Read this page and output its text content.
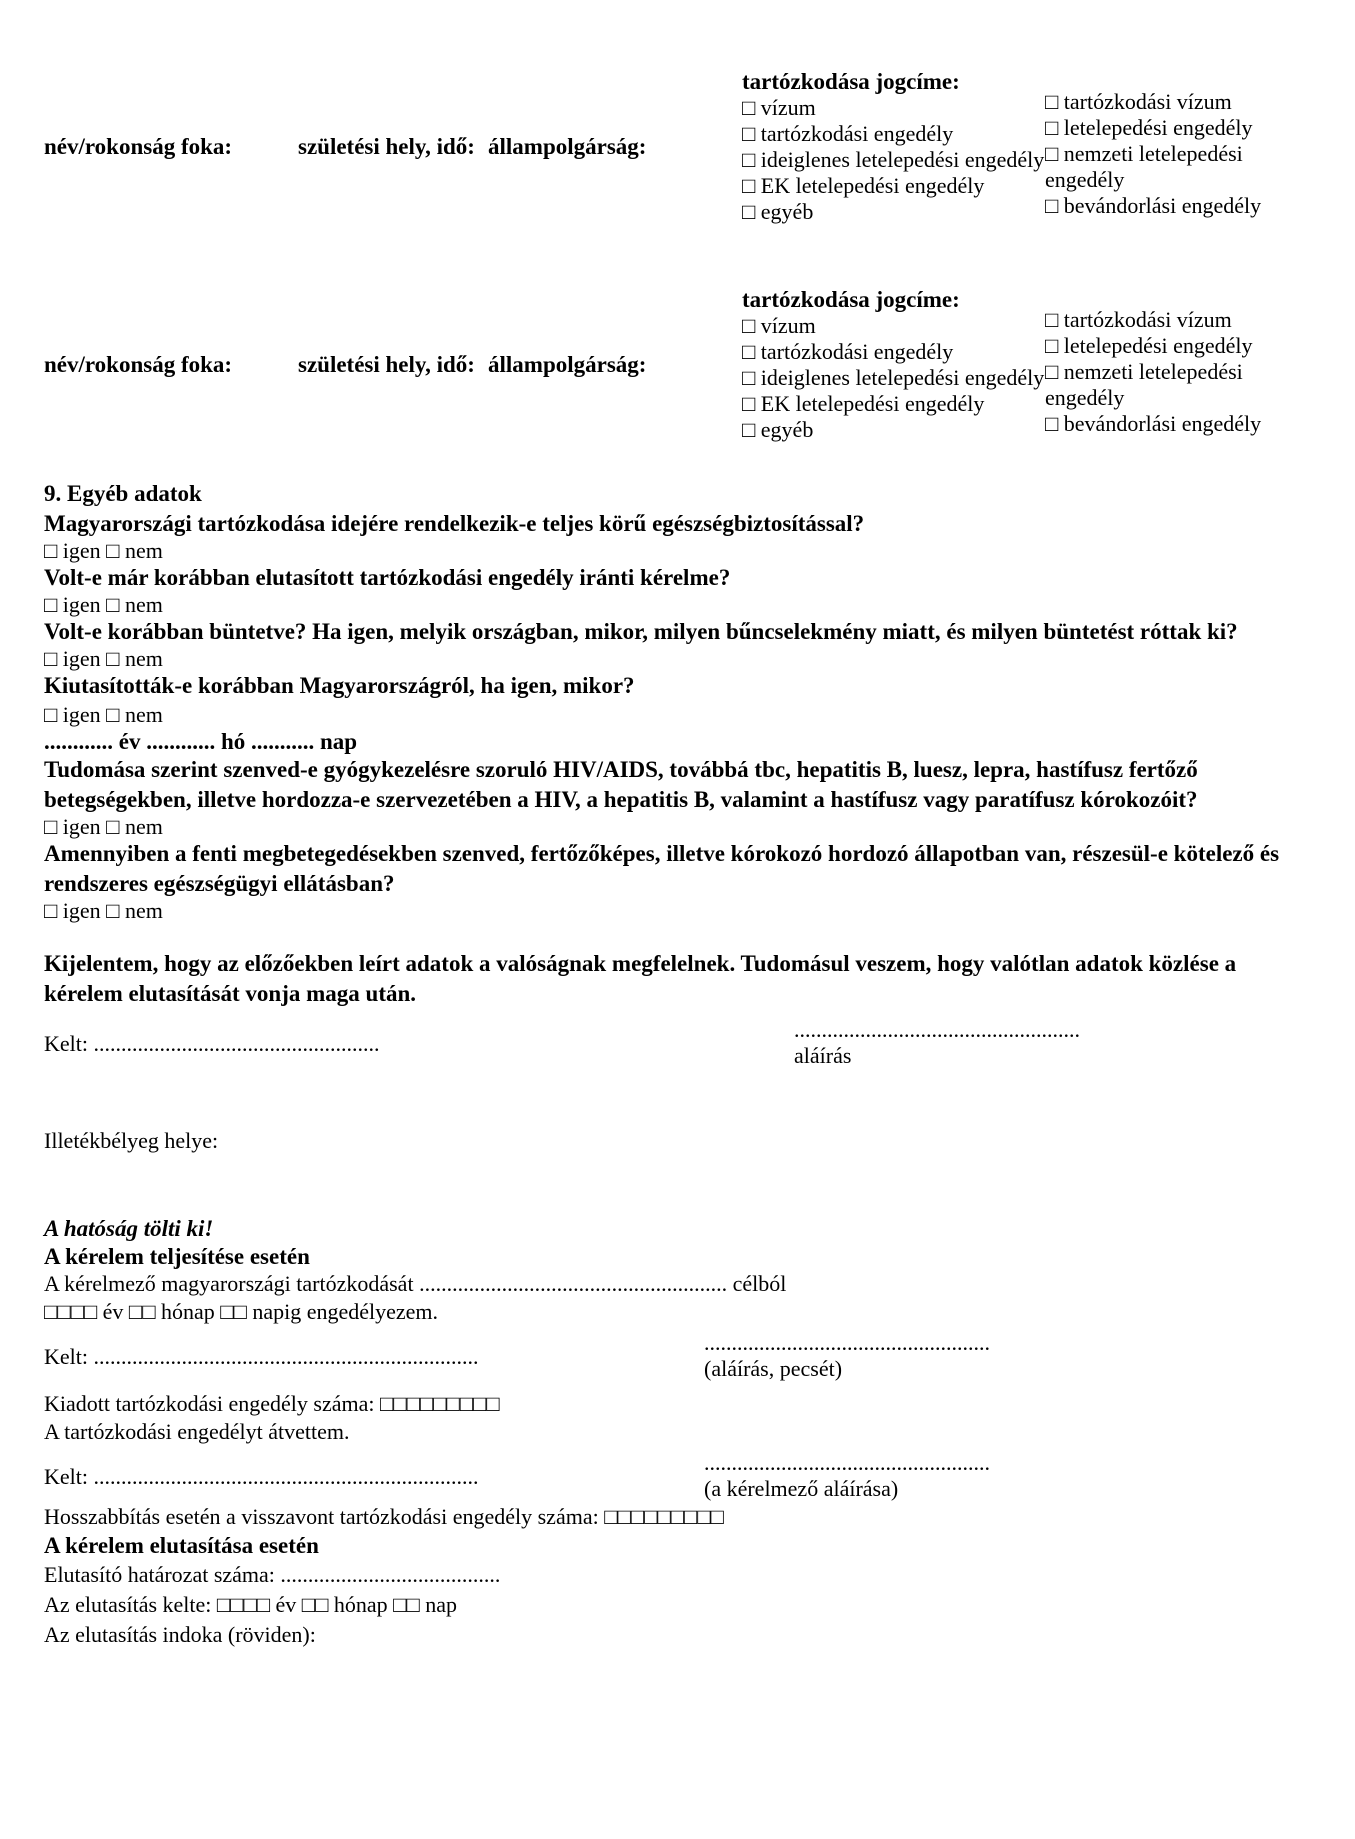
név/rokonság foka:	születési hely, idő: állampolgárság:
tartózkodása jogcíme:
□ vízum
□ tartózkodási engedély
□ ideiglenes letelepedési engedély
□ EK letelepedési engedély
□ egyéb
□ tartózkodási vízum
□ letelepedési engedély
□ nemzeti letelepedési engedély
□ bevándorlási engedély
név/rokonság foka:	születési hely, idő: állampolgárság:
tartózkodása jogcíme:
□ vízum
□ tartózkodási engedély
□ ideiglenes letelepedési engedély
□ EK letelepedési engedély
□ egyéb
□ tartózkodási vízum
□ letelepedési engedély
□ nemzeti letelepedési engedély
□ bevándorlási engedély
9. Egyéb adatok
Magyarországi tartózkodása idejére rendelkezik-e teljes körű egészségbiztosítással?
□ igen □ nem
Volt-e már korábban elutasított tartózkodási engedély iránti kérelme?
□ igen □ nem
Volt-e korábban büntetve? Ha igen, melyik országban, mikor, milyen bűncselekmény miatt, és milyen büntetést róttak ki?
□ igen □ nem
Kiutasították-e korábban Magyarországról, ha igen, mikor?
□ igen □ nem
............ év ............ hó ........... nap
Tudomása szerint szenved-e gyógykezelésre szoruló HIV/AIDS, továbbá tbc, hepatitis B, luesz, lepra, hastífusz fertőző betegségekben, illetve hordozza-e szervezetében a HIV, a hepatitis B, valamint a hastífusz vagy paratífusz kórokozóit?
□ igen □ nem
Amennyiben a fenti megbetegedésekben szenved, fertőzőképes, illetve kórokozó hordozó állapotban van, részesül-e kötelező és rendszeres egészségügyi ellátásban?
□ igen □ nem
Kijelentem, hogy az előzőekben leírt adatok a valóságnak megfelelnek. Tudomásul veszem, hogy valótlan adatok közlése a kérelem elutasítását vonja maga után.
Kelt: ....................................................
....................................................
aláírás
Illetékbélyeg helye:
A hatóság tölti ki!
A kérelem teljesítése esetén
A kérelmező magyarországi tartózkodását ........................................................ célból
□□□□ év □□ hónap □□ napig engedélyezem.
Kelt: ......................................................................
....................................................
(aláírás, pecsét)
Kiadott tartózkodási engedély száma: □□□□□□□□□
A tartózkodási engedélyt átvettem.
Kelt: ......................................................................
....................................................
(a kérelmező aláírása)
Hosszabbítás esetén a visszavont tartózkodási engedély száma: □□□□□□□□□
A kérelem elutasítása esetén
Elutasító határozat száma: ........................................
Az elutasítás kelte: □□□□ év □□ hónap □□ nap
Az elutasítás indoka (röviden):
